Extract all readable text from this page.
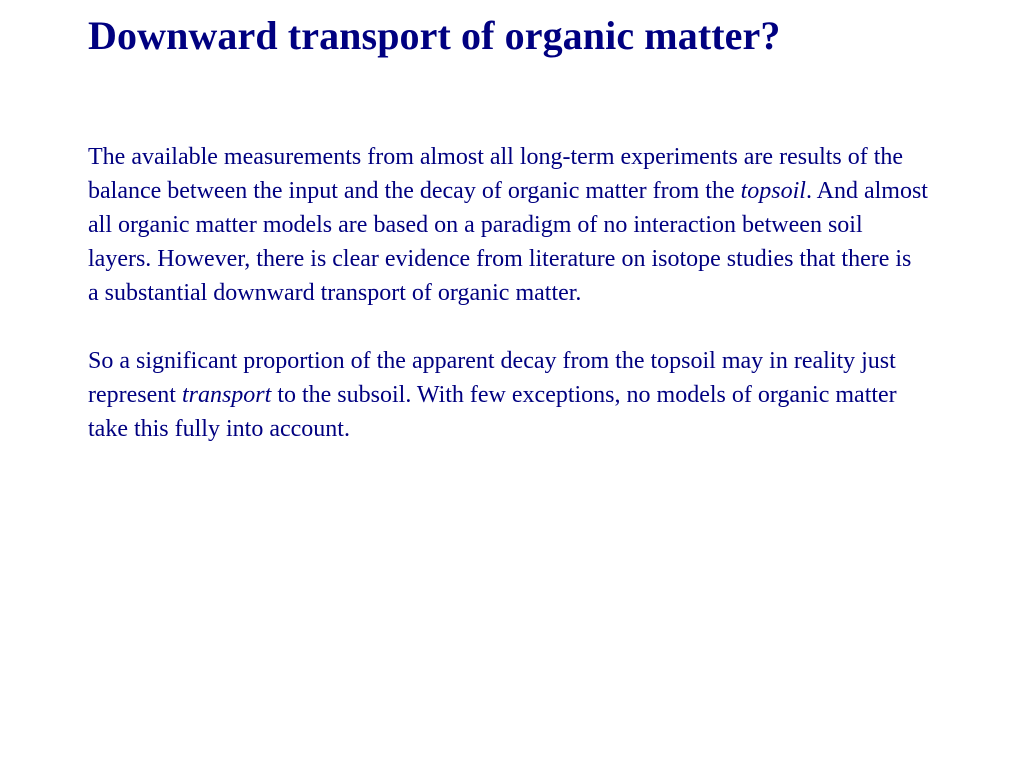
Downward transport of organic matter?

The available measurements from almost all long-term experiments are results of the balance between the input and the decay of organic matter from the topsoil. And almost all organic matter models are based on a paradigm of no interaction between soil layers. However, there is clear evidence from literature on isotope studies that there is a substantial downward transport of organic matter.

So a significant proportion of the apparent decay from the topsoil may in reality just represent transport to the subsoil. With few exceptions, no models of organic matter take this fully into account.
